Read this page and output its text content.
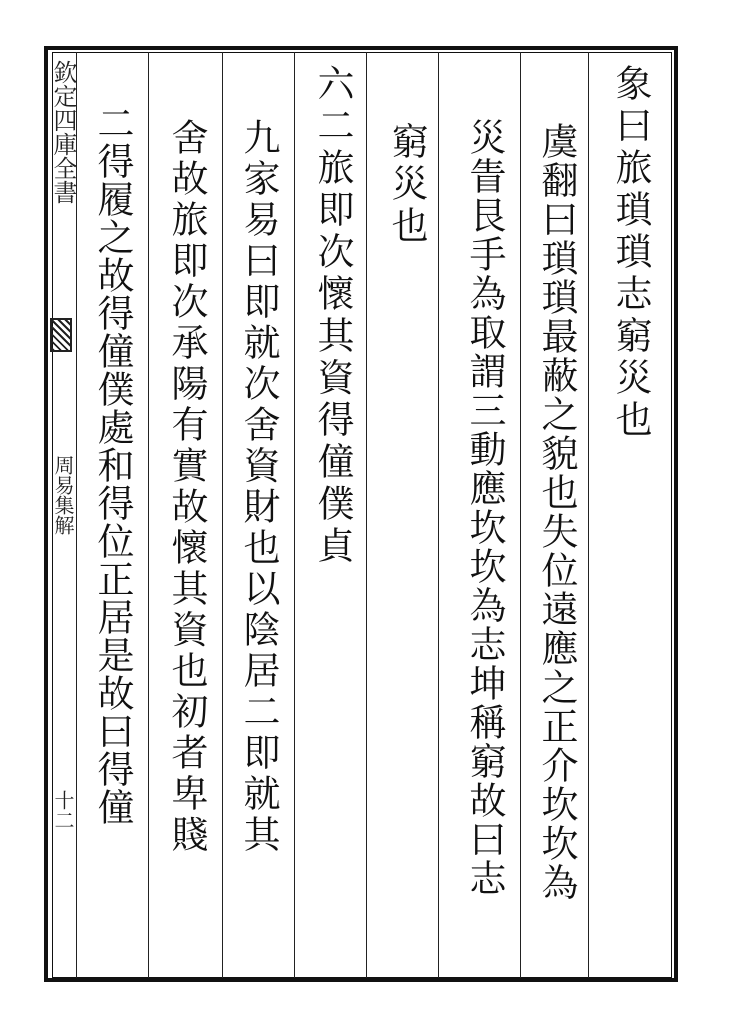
欽定四庫全書
周易集解
十二
象曰旅瑣瑣志窮災也
虞翻曰瑣瑣最蔽之貌也失位遠應之正介坎坎為
災眚艮手為取謂三動應坎坎為志坤稱窮故曰志
窮災也
六二旅即次懷其資得僮僕貞
九家易曰即就次舍資財也以陰居二即就其
舍故旅即次承陽有實故懷其資也初者卑賤
二得履之故得僮僕處和得位正居是故曰得僮
